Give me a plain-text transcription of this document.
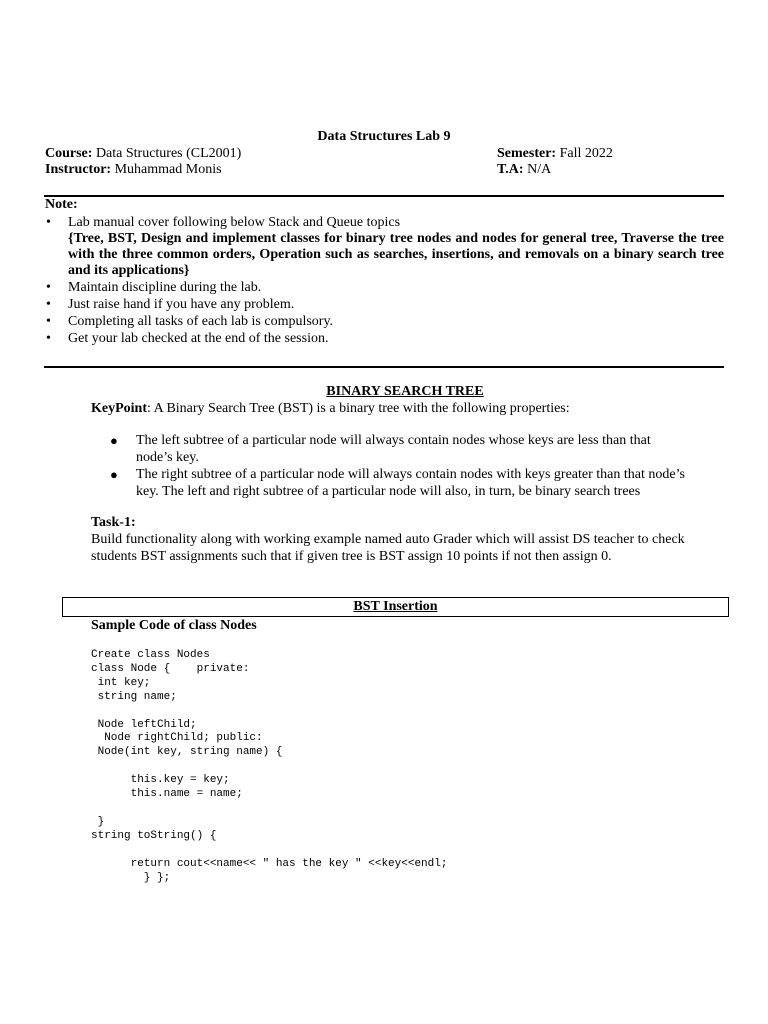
Data Structures Lab 9
Course: Data Structures (CL2001)
Instructor: Muhammad Monis
Semester: Fall 2022
T.A: N/A
Note:
• Lab manual cover following below Stack and Queue topics
{Tree, BST, Design and implement classes for binary tree nodes and nodes for general tree, Traverse the tree with the three common orders, Operation such as searches, insertions, and removals on a binary search tree and its applications}
• Maintain discipline during the lab.
• Just raise hand if you have any problem.
• Completing all tasks of each lab is compulsory.
• Get your lab checked at the end of the session.
BINARY SEARCH TREE
KeyPoint: A Binary Search Tree (BST) is a binary tree with the following properties:
● The left subtree of a particular node will always contain nodes whose keys are less than that node’s key.
● The right subtree of a particular node will always contain nodes with keys greater than that node’s key. The left and right subtree of a particular node will also, in turn, be binary search trees
Task-1:
Build functionality along with working example named auto Grader which will assist DS teacher to check students BST assignments such that if given tree is BST assign 10 points if not then assign 0.
BST Insertion
Sample Code of class Nodes
Create class Nodes
class Node {    private:
int key;
string name;

Node leftChild;
Node rightChild; public:
Node(int key, string name) {

this.key = key;
this.name = name;

}
string toString() {

return cout<<name<< " has the key " <<key<<endl;
} };
